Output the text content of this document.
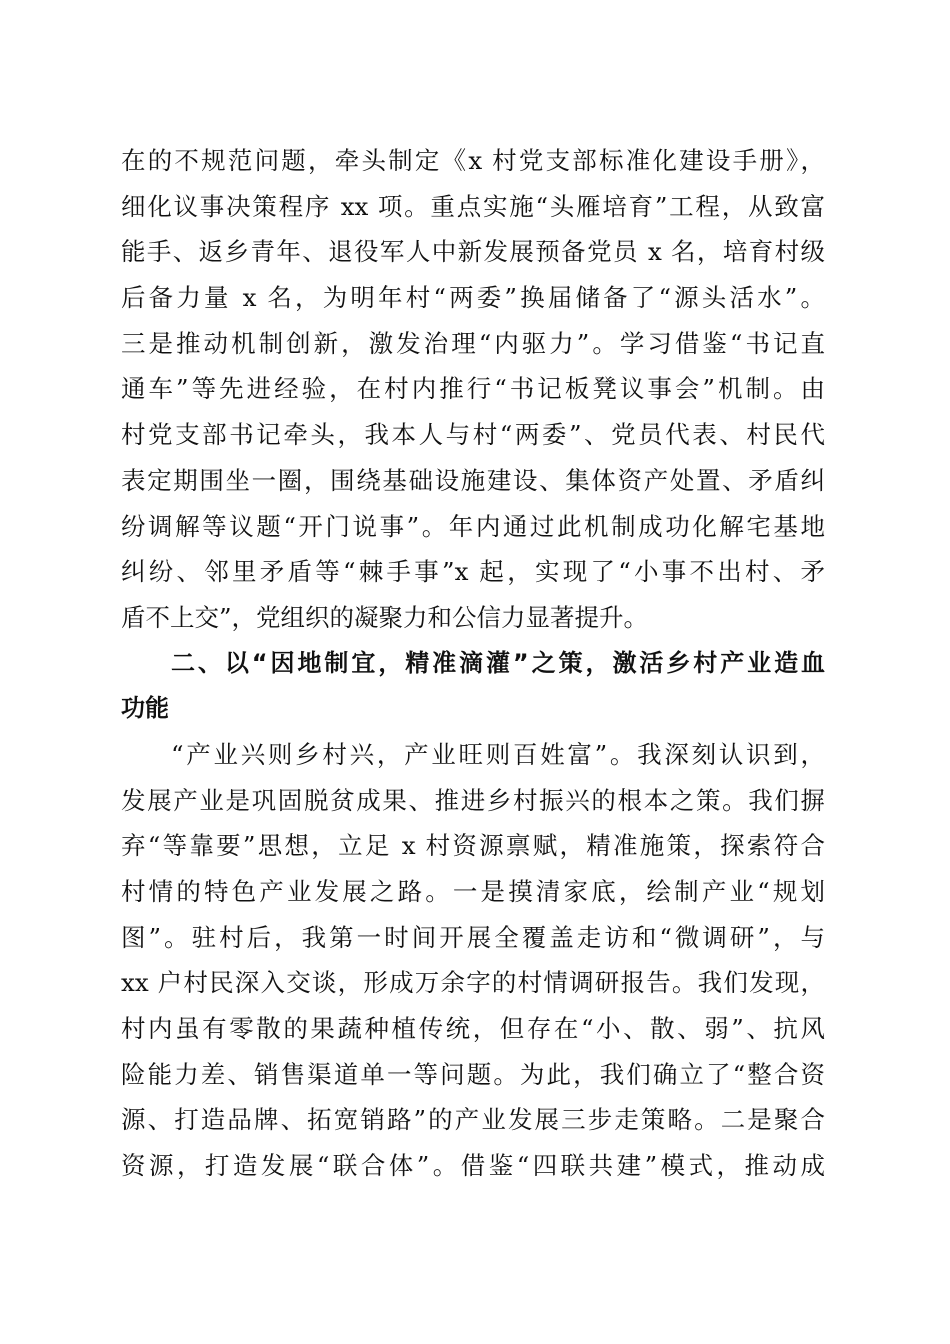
在的不规范问题，牵头制定《x 村党支部标准化建设手册》，
细化议事决策程序 xx 项。重点实施“头雁培育”工程，从致富
能手、返乡青年、退役军人中新发展预备党员 x 名，培育村级
后备力量 x 名，为明年村“两委”换届储备了“源头活水”。
三是推动机制创新，激发治理“内驱力”。学习借鉴“书记直
通车”等先进经验，在村内推行“书记板凳议事会”机制。由
村党支部书记牵头，我本人与村“两委”、党员代表、村民代
表定期围坐一圈，围绕基础设施建设、集体资产处置、矛盾纠
纷调解等议题“开门说事”。年内通过此机制成功化解宅基地
纠纷、邻里矛盾等“棘手事”x 起，实现了“小事不出村、矛
盾不上交”，党组织的凝聚力和公信力显著提升。
二、以“因地制宜，精准滴灌”之策，激活乡村产业造血
功能
“产业兴则乡村兴，产业旺则百姓富”。我深刻认识到，
发展产业是巩固脱贫成果、推进乡村振兴的根本之策。我们摒
弃“等靠要”思想，立足 x 村资源禀赋，精准施策，探索符合
村情的特色产业发展之路。一是摸清家底，绘制产业“规划
图”。驻村后，我第一时间开展全覆盖走访和“微调研”，与
xx 户村民深入交谈，形成万余字的村情调研报告。我们发现，
村内虽有零散的果蔬种植传统，但存在“小、散、弱”、抗风
险能力差、销售渠道单一等问题。为此，我们确立了“整合资
源、打造品牌、拓宽销路”的产业发展三步走策略。二是聚合
资源，打造发展“联合体”。借鉴“四联共建”模式，推动成
